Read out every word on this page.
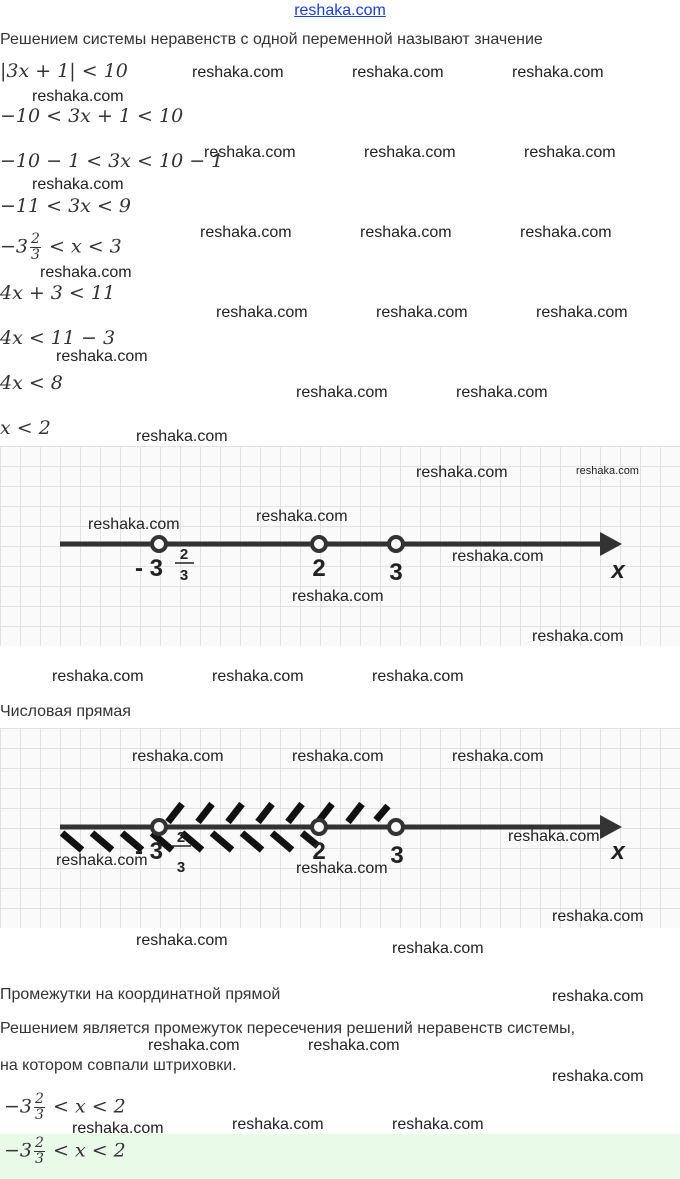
reshaka.com
Решением системы неравенств с одной переменной называют значение
|3x + 1| < 10
−10 < 3x + 1 < 10
−10 − 1 < 3x < 10 − 1
−11 < 3x < 9
$-3 \frac{2}{3} < x < 3$
4x + 3 < 11
4x < 11 − 3
4x < 8
x < 2
- 3
2
3	2	3	x
Числовая прямая
- 3
2
3
2	3	x
Промежутки на координатной прямой
Решением является промежуток пересечения решений неравенств системы,
на котором совпали штриховки.
$-3 \frac{2}{3} < x < 2$
$-3 \frac{2}{3} < x < 2$
reshaka.com	reshaka.com	reshaka.com
reshaka.com
reshaka.com	reshaka.com	reshaka.com
reshaka.com
reshaka.com	reshaka.com	reshaka.com
reshaka.com
reshaka.com	reshaka.com	reshaka.com
reshaka.com
reshaka.com	reshaka.com
reshaka.com
reshaka.com	reshaka.com
reshaka.com	reshaka.com
reshaka.com
reshaka.com
reshaka.com
reshaka.com	reshaka.com	reshaka.com
reshaka.com	reshaka.com	reshaka.com
reshaka.com
reshaka.com	reshaka.com
reshaka.com
reshaka.com	reshaka.com
reshaka.com
reshaka.com	reshaka.com
reshaka.com
reshaka.com	reshaka.com	reshaka.com
